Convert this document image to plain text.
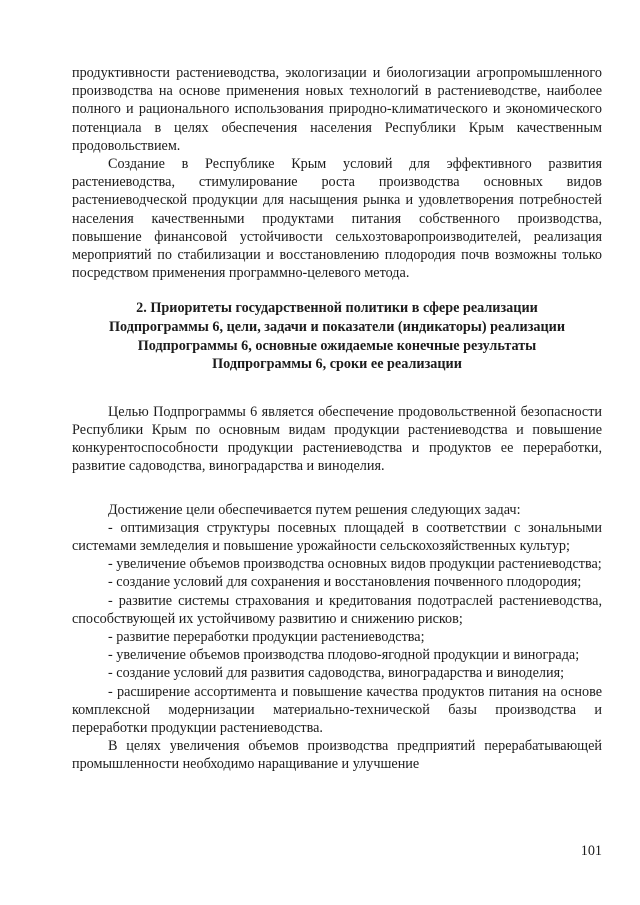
продуктивности растениеводства, экологизации и биологизации агропромышленного производства на основе применения новых технологий в растениеводстве, наиболее полного и рационального использования природно-климатического и экономического потенциала в целях обеспечения населения Республики Крым качественным продовольствием.

Создание в Республике Крым условий для эффективного развития растениеводства, стимулирование роста производства основных видов растениеводческой продукции для насыщения рынка и удовлетворения потребностей населения качественными продуктами питания собственного производства, повышение финансовой устойчивости сельхозтоваропроизводителей, реализация мероприятий по стабилизации и восстановлению плодородия почв возможны только посредством применения программно-целевого метода.

2. Приоритеты государственной политики в сфере реализации
Подпрограммы 6, цели, задачи и показатели (индикаторы) реализации
Подпрограммы 6, основные ожидаемые конечные результаты
Подпрограммы 6, сроки ее реализации

Целью Подпрограммы 6 является обеспечение продовольственной безопасности Республики Крым по основным видам продукции растениеводства и повышение конкурентоспособности продукции растениеводства и продуктов ее переработки, развитие садоводства, виноградарства и виноделия.

Достижение цели обеспечивается путем решения следующих задач:

- оптимизация структуры посевных площадей в соответствии с зональными системами земледелия и повышение урожайности сельскохозяйственных культур;

- увеличение объемов производства основных видов продукции растениеводства;

- создание условий для сохранения и восстановления почвенного плодородия;

- развитие системы страхования и кредитования подотраслей растениеводства, способствующей их устойчивому развитию и снижению рисков;

- развитие переработки продукции растениеводства;

- увеличение объемов производства плодово-ягодной продукции и винограда;

- создание условий для развития садоводства, виноградарства и виноделия;

- расширение ассортимента и повышение качества продуктов питания на основе комплексной модернизации материально-технической базы производства и переработки продукции растениеводства.

В целях увеличения объемов производства предприятий перерабатывающей промышленности необходимо наращивание и улучшение

101
